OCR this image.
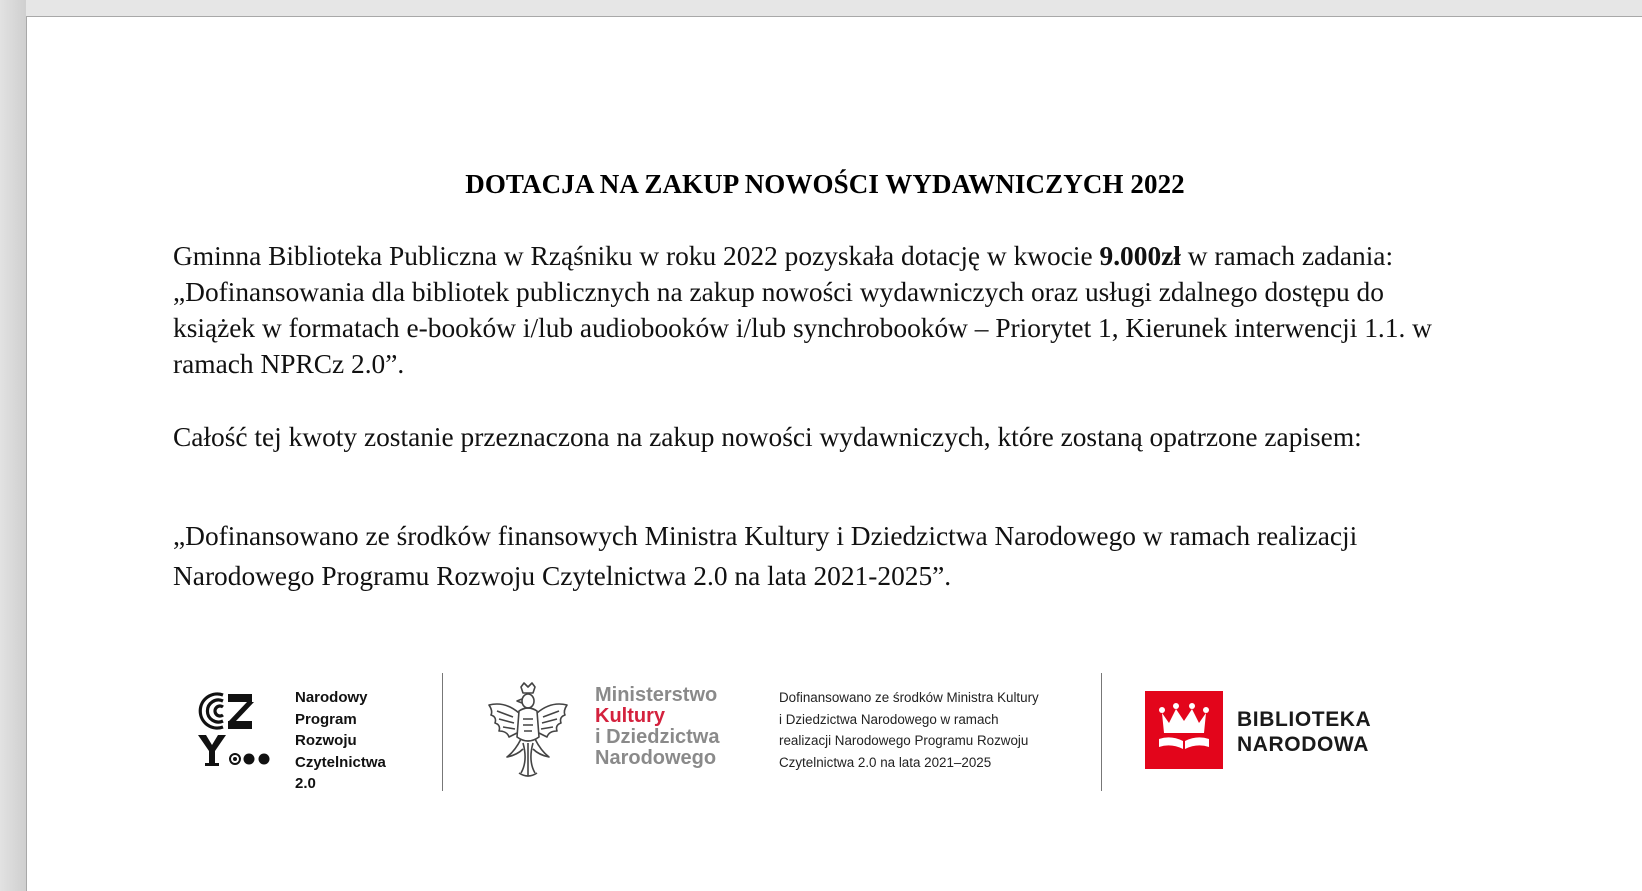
DOTACJA NA ZAKUP NOWOŚCI WYDAWNICZYCH 2022

Gminna Biblioteka Publiczna w Rząśniku w roku 2022 pozyskała dotację w kwocie 9.000zł w ramach zadania: „Dofinansowania dla bibliotek publicznych na zakup nowości wydawniczych oraz usługi zdalnego dostępu do książek w formatach e-booków i/lub audiobooków i/lub synchrobooków – Priorytet 1, Kierunek interwencji 1.1. w ramach NPRCz 2.0”.

Całość tej kwoty zostanie przeznaczona na zakup nowości wydawniczych, które zostaną opatrzone zapisem:

„Dofinansowano ze środków finansowych Ministra Kultury i Dziedzictwa Narodowego w ramach realizacji Narodowego Programu Rozwoju Czytelnictwa 2.0 na lata 2021-2025”.

Narodowy
Program
Rozwoju
Czytelnictwa
2.0
Ministerstwo
Kultury
i Dziedzictwa
Narodowego
Dofinansowano ze środków Ministra Kultury
i Dziedzictwa Narodowego w ramach
realizacji Narodowego Programu Rozwoju
Czytelnictwa 2.0 na lata 2021–2025
BIBLIOTEKA
NARODOWA
